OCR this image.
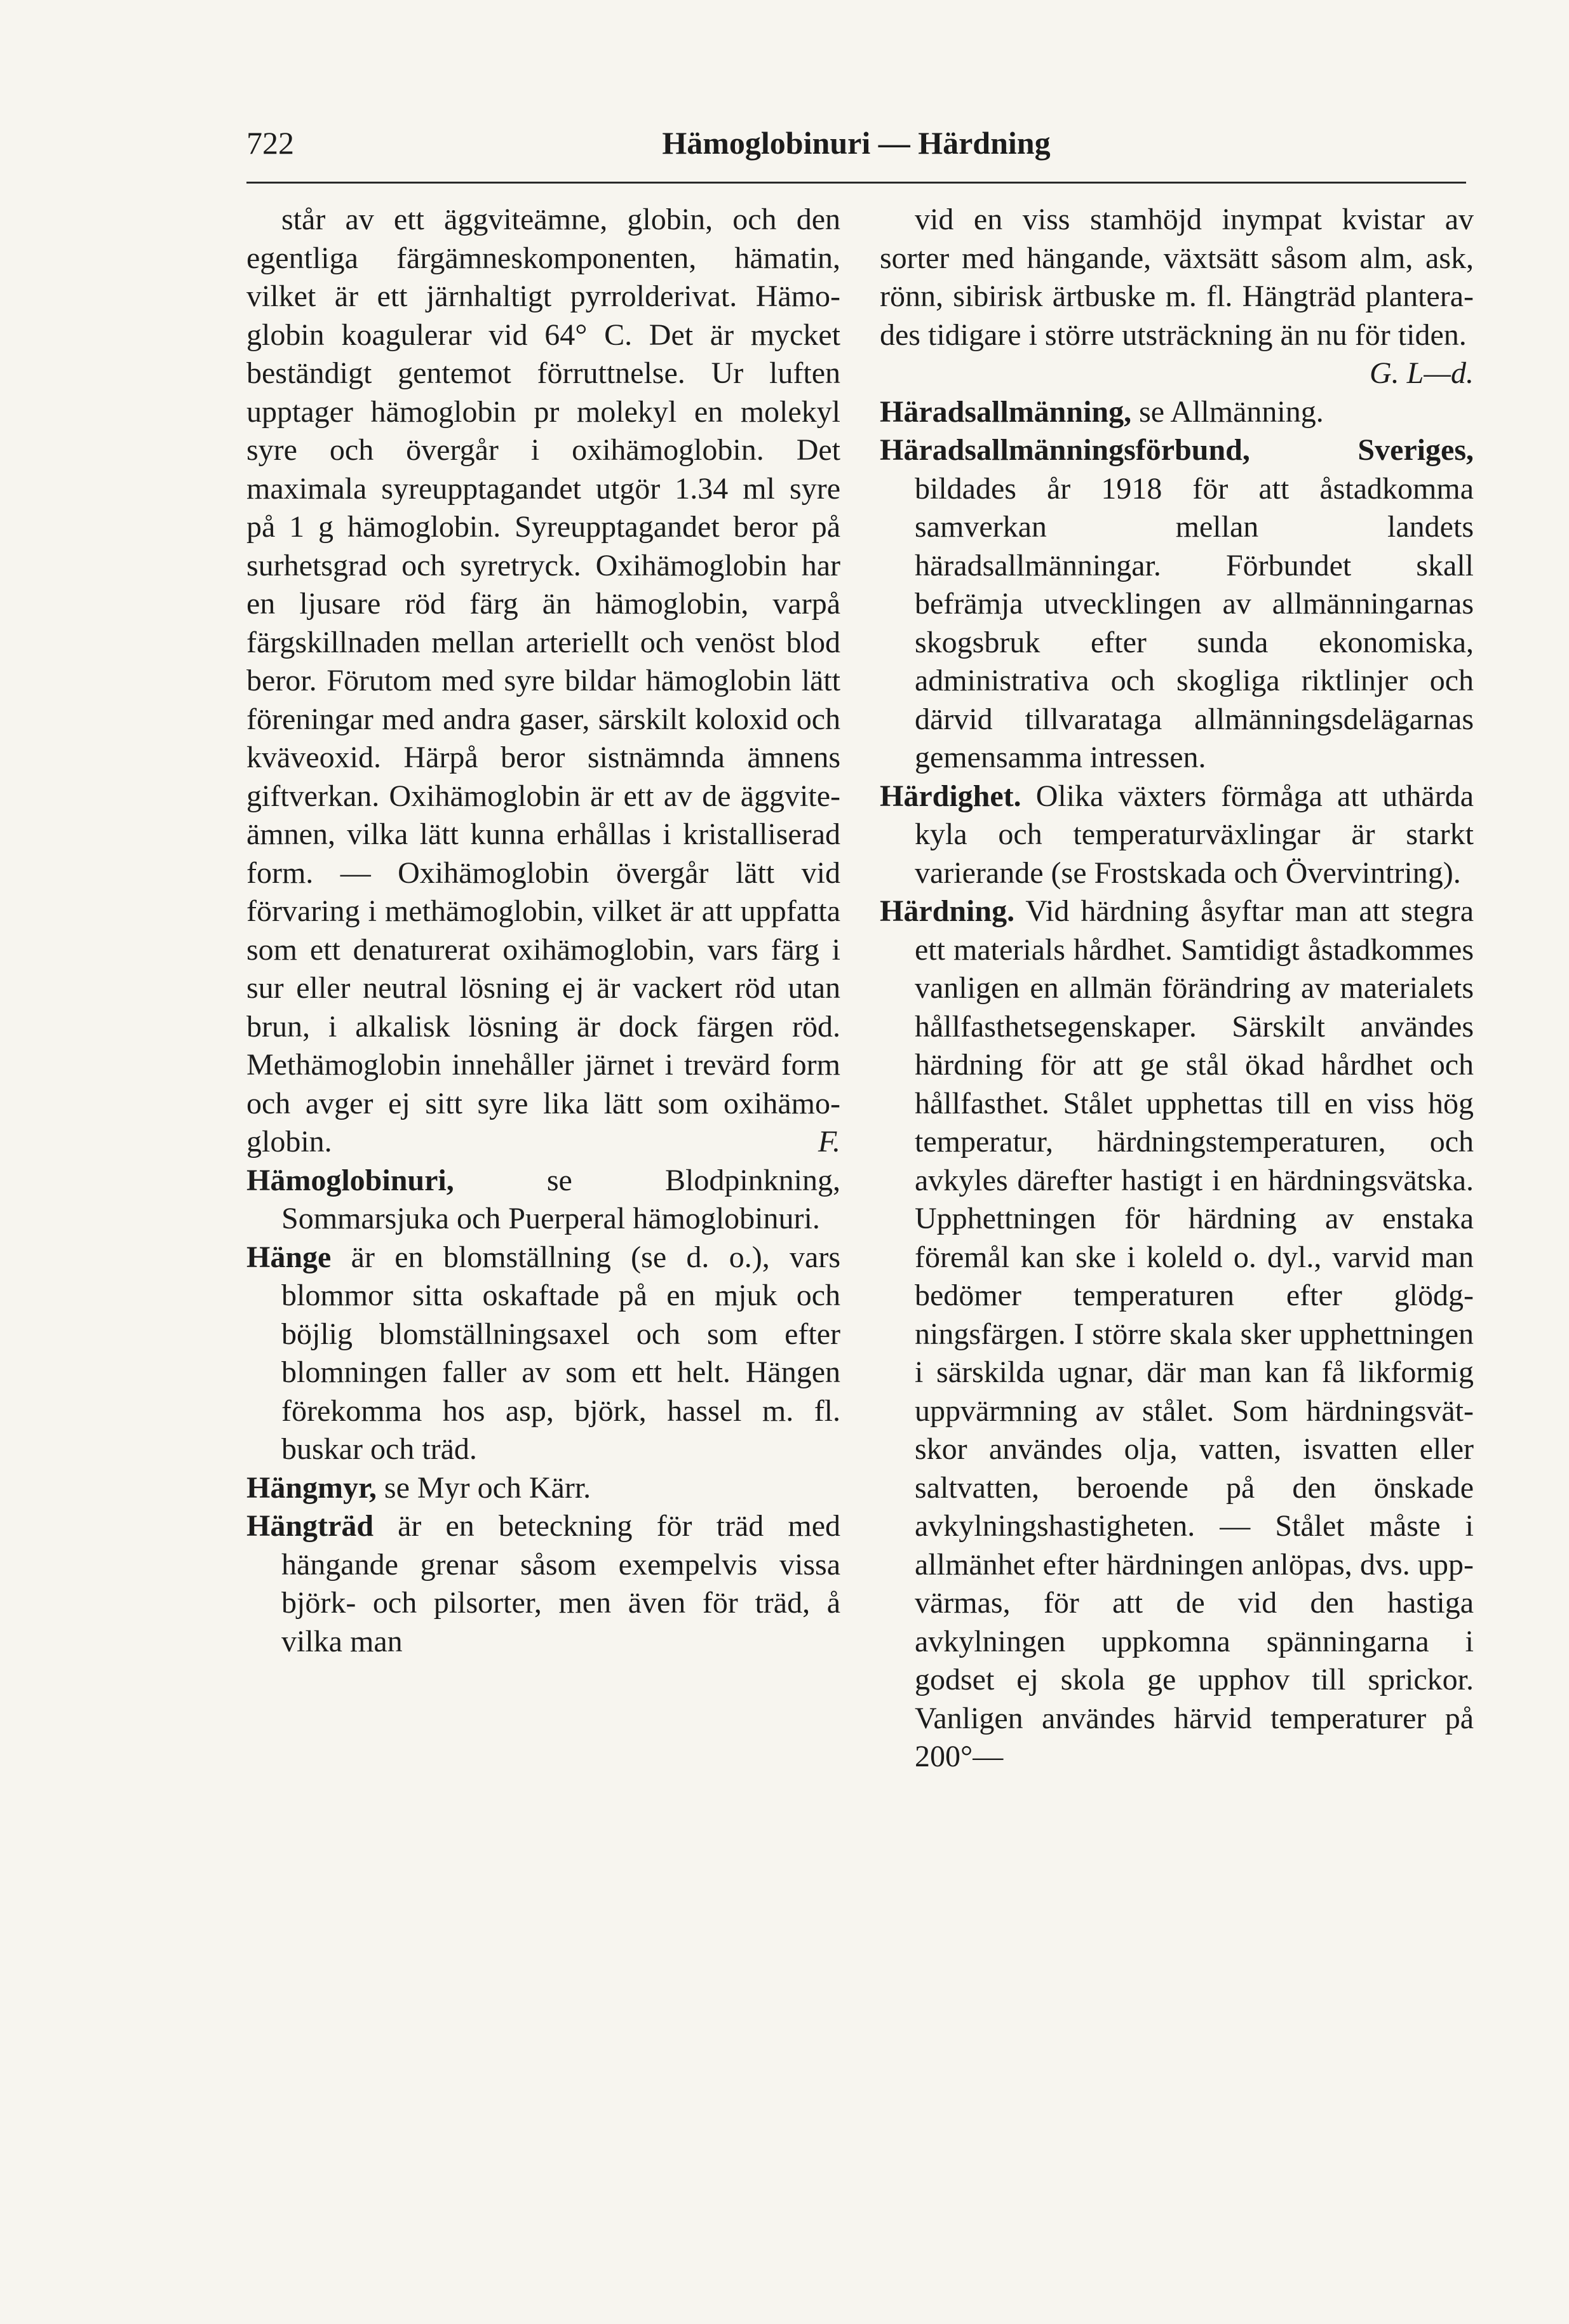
722	Hämoglobinuri — Härdning

står av ett äggviteämne, globin, och den egentliga färgämneskomponenten, hämatin, vilket är ett järnhaltigt pyrrolderivat. Hämoglobin koagulerar vid 64° C. Det är mycket beständigt gentemot förruttnelse. Ur luften upptager hämoglobin pr molekyl en molekyl syre och övergår i oxihämoglobin. Det maximala syreupptagandet utgör 1.34 ml syre på 1 g hämoglobin. Syreupptagandet beror på surhetsgrad och syretryck. Oxihämoglobin har en ljusare röd färg än hämoglobin, varpå färgskillnaden mellan arteriellt och venöst blod beror. Förutom med syre bildar hämoglobin lätt föreningar med andra gaser, särskilt koloxid och kväveoxid. Härpå beror sistnämnda ämnens giftverkan. Oxihämoglobin är ett av de äggviteämnen, vilka lätt kunna erhållas i kristalliserad form. — Oxihämoglobin övergår lätt vid förvaring i methämoglobin, vilket är att uppfatta som ett denaturerat oxihämoglobin, vars färg i sur eller neutral lösning ej är vackert röd utan brun, i alkalisk lösning är dock färgen röd. Methämoglobin innehåller järnet i trevärd form och avger ej sitt syre lika lätt som oxihämoglobin.	F.

Hämoglobinuri, se Blodpinkning, Sommarsjuka och Puerperal hämoglobinuri.

Hänge är en blomställning (se d. o.), vars blommor sitta oskaftade på en mjuk och böjlig blomställningsaxel och som efter blomningen faller av som ett helt. Hängen förekomma hos asp, björk, hassel m. fl. buskar och träd.

Hängmyr, se Myr och Kärr.

Hängträd är en beteckning för träd med hängande grenar såsom exempelvis vissa björk- och pilsorter, men även för träd, å vilka man

vid en viss stamhöjd inympat kvistar av sorter med hängande, växtsätt såsom alm, ask, rönn, sibirisk ärtbuske m. fl. Hängträd planterades tidigare i större utsträckning än nu för tiden.
G. L—d.

Häradsallmänning, se Allmänning.

Häradsallmänningsförbund, Sveriges, bildades år 1918 för att åstadkomma samverkan mellan landets häradsallmänningar. Förbundet skall befrämja utvecklingen av allmänningarnas skogsbruk efter sunda ekonomiska, administrativa och skogliga riktlinjer och därvid tillvarataga allmänningsdelägarnas gemensamma intressen.

Härdighet. Olika växters förmåga att uthärda kyla och temperaturväxlingar är starkt varierande (se Frostskada och Övervintring).

Härdning. Vid härdning åsyftar man att stegra ett materials hårdhet. Samtidigt åstadkommes vanligen en allmän förändring av materialets hållfasthetsegenskaper. Särskilt användes härdning för att ge stål ökad hårdhet och hållfasthet. Stålet upphettas till en viss hög temperatur, härdningstemperaturen, och avkyles därefter hastigt i en härdningsvätska. Upphettningen för härdning av enstaka föremål kan ske i koleld o. dyl., varvid man bedömer temperaturen efter glödgningsfärgen. I större skala sker upphettningen i särskilda ugnar, där man kan få likformig uppvärmning av stålet. Som härdningsvätskor användes olja, vatten, isvatten eller saltvatten, beroende på den önskade avkylningshastigheten. — Stålet måste i allmänhet efter härdningen anlöpas, dvs. uppvärmas, för att de vid den hastiga avkylningen uppkomna spänningarna i godset ej skola ge upphov till sprickor. Vanligen användes härvid temperaturer på 200°—
